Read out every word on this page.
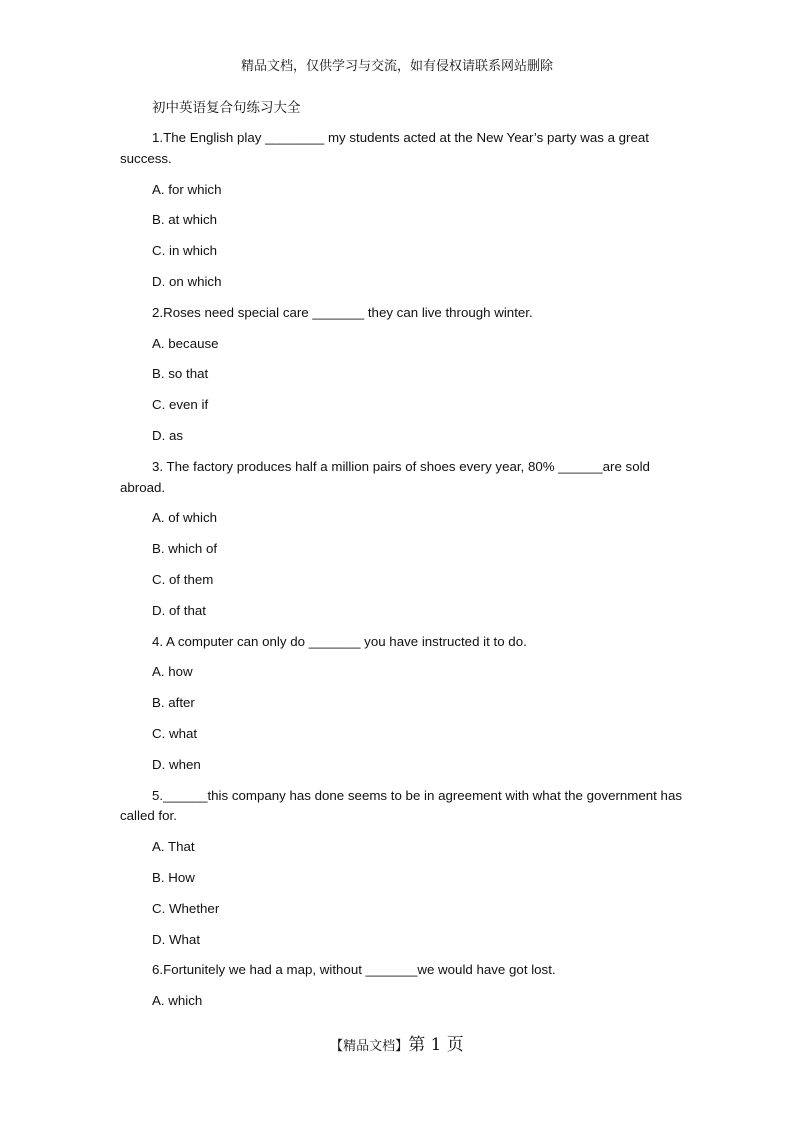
精品文档，仅供学习与交流，如有侵权请联系网站删除
初中英语复合句练习大全

1.The English play ________ my students acted at the New Year’s party was a great success.

A. for which
B. at which
C. in which
D. on which

2.Roses need special care _______ they can live through winter.

A. because
B. so that
C. even if
D. as

3. The factory produces half a million pairs of shoes every year, 80% ______are sold abroad.

A. of which
B. which of
C. of them
D. of that

4. A computer can only do _______ you have instructed it to do.

A. how
B. after
C. what
D. when

5.______this company has done seems to be in agreement with what the government has called for.

A. That
B. How
C. Whether
D. What

6.Fortunitely we had a map, without _______we would have got lost.

A. which
【精品文档】第 1 页
